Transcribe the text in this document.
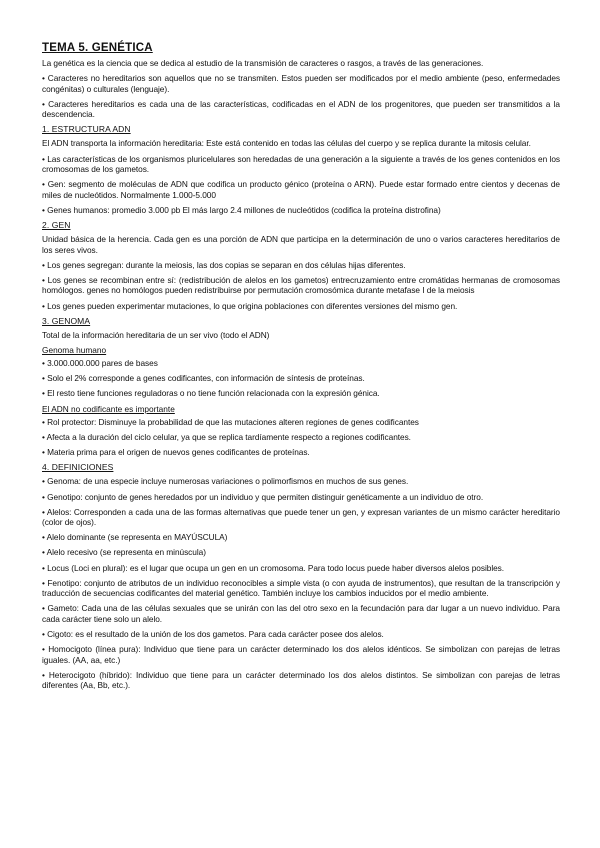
TEMA 5. GENÉTICA

La genética es la ciencia que se dedica al estudio de la transmisión de caracteres o rasgos, a través de las generaciones.

• Caracteres no hereditarios son aquellos que no se transmiten. Estos pueden ser modificados por el medio ambiente (peso, enfermedades congénitas) o culturales (lenguaje).

• Caracteres hereditarios es cada una de las características, codificadas en el ADN de los progenitores, que pueden ser transmitidos a la descendencia.

1. ESTRUCTURA ADN

El ADN transporta la información hereditaria: Este está contenido en todas las células del cuerpo y se replica durante la mitosis celular.

• Las características de los organismos pluricelulares son heredadas de una generación a la siguiente a través de los genes contenidos en los cromosomas de los gametos.

• Gen: segmento de moléculas de ADN que codifica un producto génico (proteína o ARN). Puede estar formado entre cientos y decenas de miles de nucleótidos. Normalmente 1.000-5.000

• Genes humanos: promedio 3.000 pb El más largo 2.4 millones de nucleótidos (codifica la proteína distrofina)

2. GEN

Unidad básica de la herencia. Cada gen es una porción de ADN que participa en la determinación de uno o varios caracteres hereditarios de los seres vivos.

• Los genes segregan: durante la meiosis, las dos copias se separan en dos células hijas diferentes.

• Los genes se recombinan entre sí: (redistribución de alelos en los gametos) entrecruzamiento entre cromátidas hermanas de cromosomas homólogos. genes no homólogos pueden redistribuirse por permutación cromosómica durante metafase I de la meiosis

• Los genes pueden experimentar mutaciones, lo que origina poblaciones con diferentes versiones del mismo gen.

3. GENOMA

Total de la información hereditaria de un ser vivo (todo el ADN)

Genoma humano

• 3.000.000.000 pares de bases

• Solo el 2% corresponde a genes codificantes, con información de síntesis de proteínas.

• El resto tiene funciones reguladoras o no tiene función relacionada con la expresión génica.

El ADN no codificante es importante

• Rol protector: Disminuye la probabilidad de que las mutaciones alteren regiones de genes codificantes

• Afecta a la duración del ciclo celular, ya que se replica tardíamente respecto a regiones codificantes.

• Materia prima para el origen de nuevos genes codificantes de proteínas.

4. DEFINICIONES

• Genoma: de una especie incluye numerosas variaciones o polimorfismos en muchos de sus genes.

• Genotipo: conjunto de genes heredados por un individuo y que permiten distinguir genéticamente a un individuo de otro.

• Alelos: Corresponden a cada una de las formas alternativas que puede tener un gen, y expresan variantes de un mismo carácter hereditario (color de ojos).

• Alelo dominante (se representa en MAYÚSCULA)

• Alelo recesivo (se representa en minúscula)

• Locus (Loci en plural): es el lugar que ocupa un gen en un cromosoma. Para todo locus puede haber diversos alelos posibles.

• Fenotipo: conjunto de atributos de un individuo reconocibles a simple vista (o con ayuda de instrumentos), que resultan de la transcripción y traducción de secuencias codificantes del material genético. También incluye los cambios inducidos por el medio ambiente.

• Gameto: Cada una de las células sexuales que se unirán con las del otro sexo en la fecundación para dar lugar a un nuevo individuo. Para cada carácter tiene solo un alelo.

• Cigoto: es el resultado de la unión de los dos gametos. Para cada carácter posee dos alelos.

• Homocigoto (línea pura): Individuo que tiene para un carácter determinado los dos alelos idénticos. Se simbolizan con parejas de letras iguales. (AA, aa, etc.)

• Heterocigoto (híbrido): Individuo que tiene para un carácter determinado los dos alelos distintos. Se simbolizan con parejas de letras diferentes (Aa, Bb, etc.).
